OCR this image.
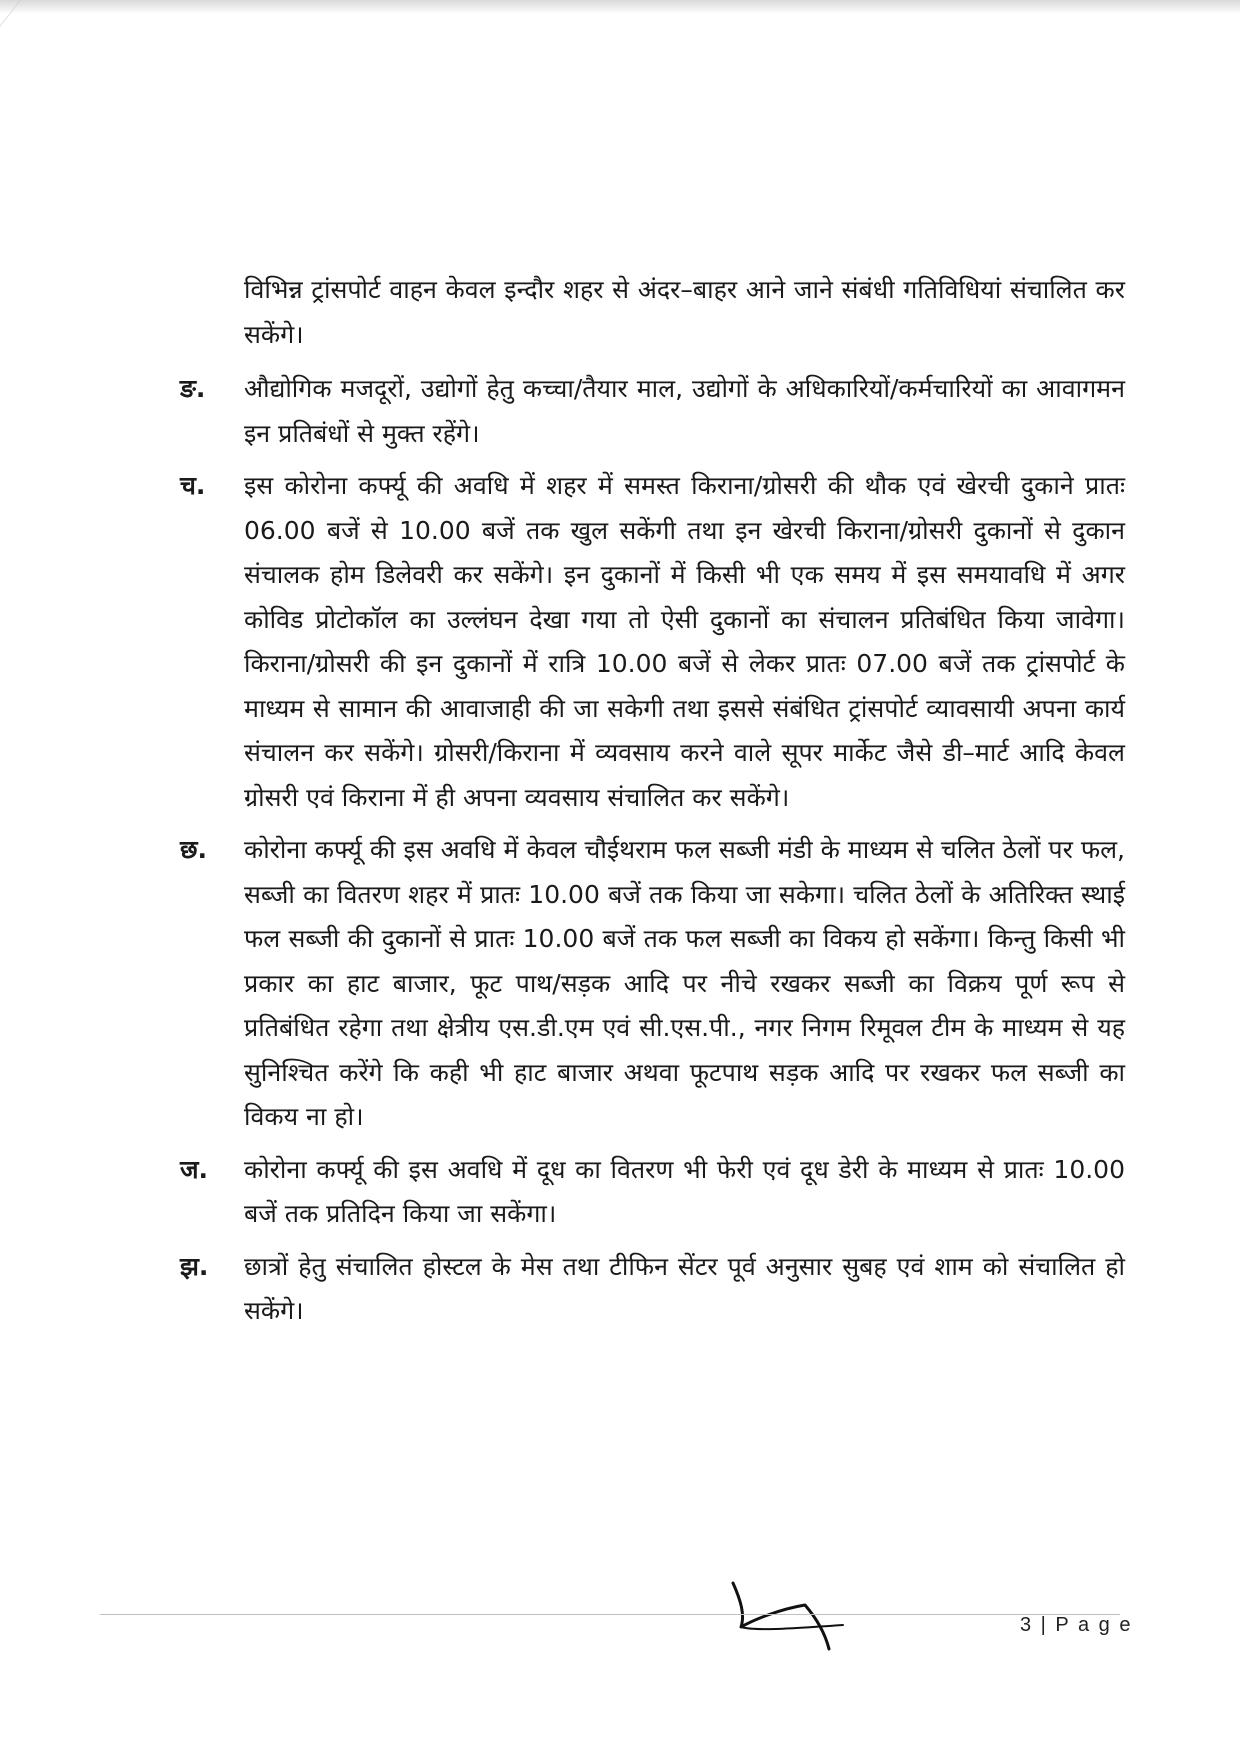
विभिन्न ट्रांसपोर्ट वाहन केवल इन्दौर शहर से अंदर–बाहर आने जाने संबंधी गतिविधियां संचालित कर सकेंगे।

ङ. औद्योगिक मजदूरों, उद्योगों हेतु कच्चा/तैयार माल, उद्योगों के अधिकारियों/कर्मचारियों का आवागमन इन प्रतिबंधों से मुक्त रहेंगे।
च. इस कोरोना कर्फ्यू की अवधि में शहर में समस्त किराना/ग्रोसरी की थौक एवं खेरची दुकाने प्रातः 06.00 बजें से 10.00 बजें तक खुल सकेंगी तथा इन खेरची किराना/ग्रोसरी दुकानों से दुकान संचालक होम डिलेवरी कर सकेंगे। इन दुकानों में किसी भी एक समय में इस समयावधि में अगर कोविड प्रोटोकॉल का उल्लंघन देखा गया तो ऐसी दुकानों का संचालन प्रतिबंधित किया जावेगा। किराना/ग्रोसरी की इन दुकानों में रात्रि 10.00 बजें से लेकर प्रातः 07.00 बजें तक ट्रांसपोर्ट के माध्यम से सामान की आवाजाही की जा सकेगी तथा इससे संबंधित ट्रांसपोर्ट व्यावसायी अपना कार्य संचालन कर सकेंगे। ग्रोसरी/किराना में व्यवसाय करने वाले सूपर मार्केट जैसे डी–मार्ट आदि केवल ग्रोसरी एवं किराना में ही अपना व्यवसाय संचालित कर सकेंगे।
छ. कोरोना कर्फ्यू की इस अवधि में केवल चौईथराम फल सब्जी मंडी के माध्यम से चलित ठेलों पर फल, सब्जी का वितरण शहर में प्रातः 10.00 बजें तक किया जा सकेगा। चलित ठेलों के अतिरिक्त स्थाई फल सब्जी की दुकानों से प्रातः 10.00 बजें तक फल सब्जी का विकय हो सकेंगा। किन्तु किसी भी प्रकार का हाट बाजार, फूट पाथ/सड़क आदि पर नीचे रखकर सब्जी का विक्रय पूर्ण रूप से प्रतिबंधित रहेगा तथा क्षेत्रीय एस.डी.एम एवं सी.एस.पी., नगर निगम रिमूवल टीम के माध्यम से यह सुनिश्चित करेंगे कि कही भी हाट बाजार अथवा फूटपाथ सड़क आदि पर रखकर फल सब्जी का विकय ना हो।
ज. कोरोना कर्फ्यू की इस अवधि में दूध का वितरण भी फेरी एवं दूध डेरी के माध्यम से प्रातः 10.00 बजें तक प्रतिदिन किया जा सकेंगा।
झ. छात्रों हेतु संचालित होस्टल के मेस तथा टीफिन सेंटर पूर्व अनुसार सुबह एवं शाम को संचालित हो सकेंगे।
3 | P a g e
